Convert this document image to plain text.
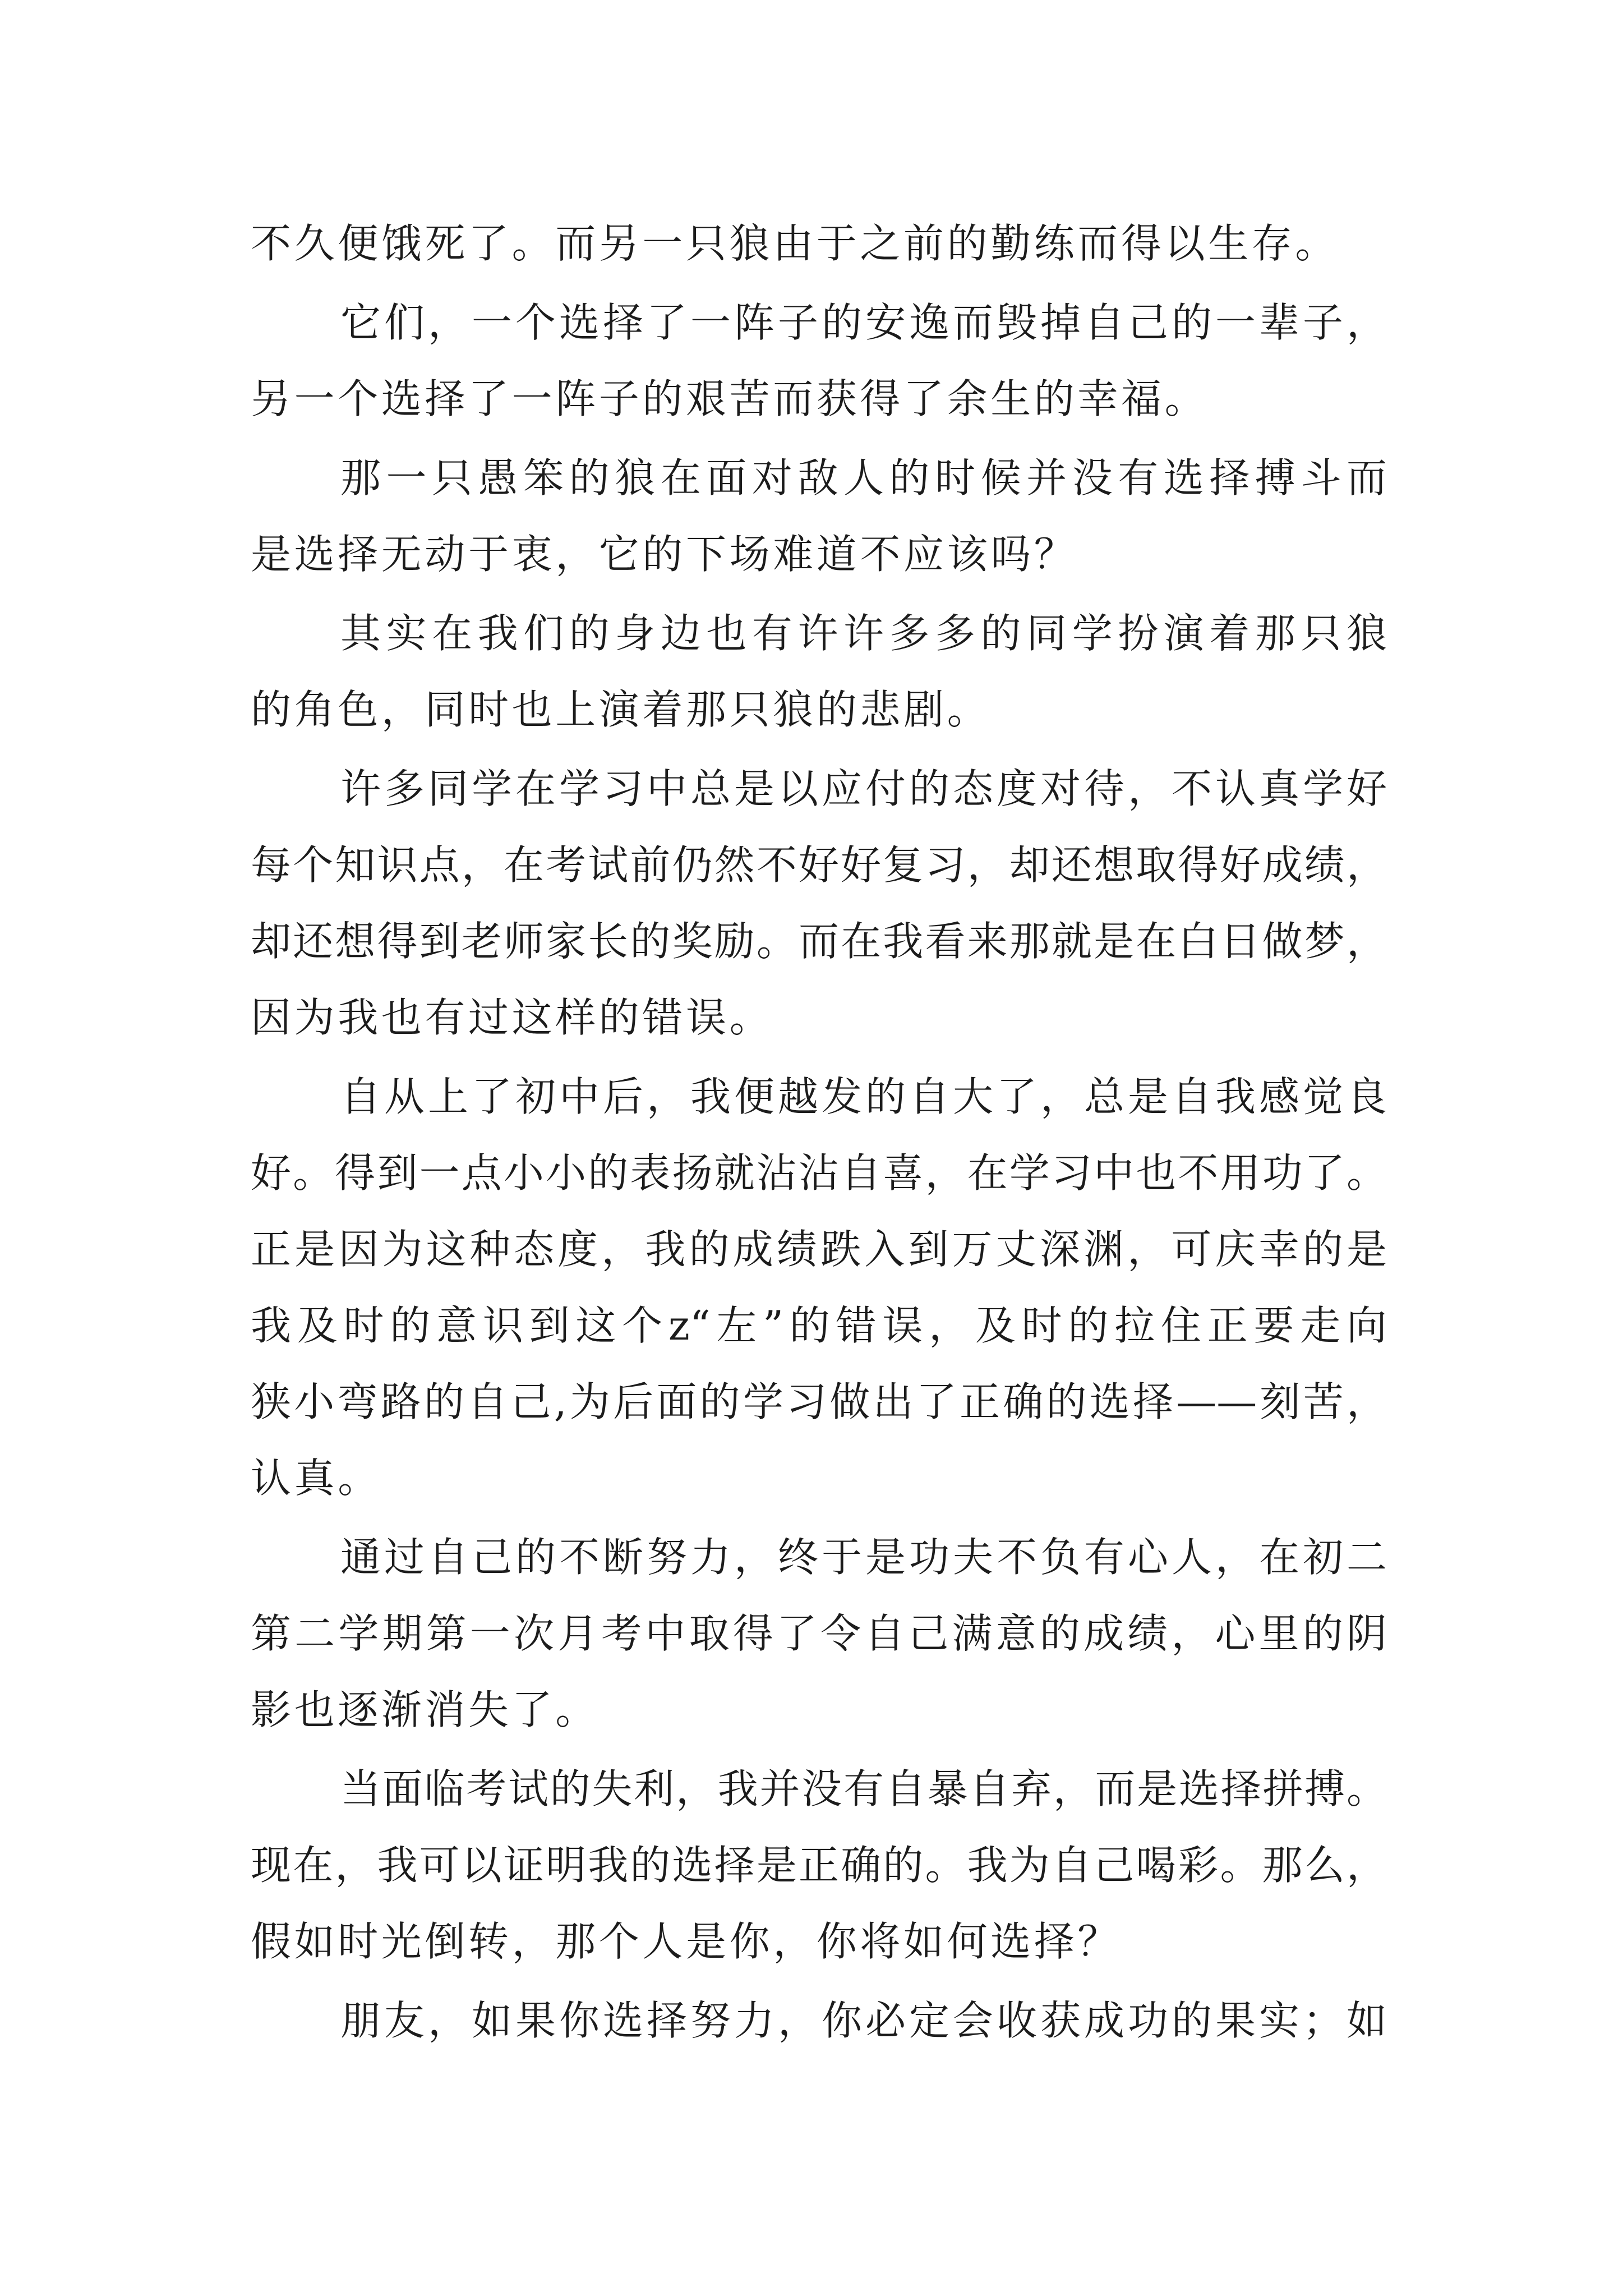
不久便饿死了。而另一只狼由于之前的勤练而得以生存。
它们，一个选择了一阵子的安逸而毁掉自己的一辈子，
另一个选择了一阵子的艰苦而获得了余生的幸福。
那一只愚笨的狼在面对敌人的时候并没有选择搏斗而
是选择无动于衷，它的下场难道不应该吗？
其实在我们的身边也有许许多多的同学扮演着那只狼
的角色，同时也上演着那只狼的悲剧。
许多同学在学习中总是以应付的态度对待，不认真学好
每个知识点，在考试前仍然不好好复习，却还想取得好成绩，
却还想得到老师家长的奖励。而在我看来那就是在白日做梦，
因为我也有过这样的错误。
自从上了初中后，我便越发的自大了，总是自我感觉良
好。得到一点小小的表扬就沾沾自喜，在学习中也不用功了。
正是因为这种态度，我的成绩跌入到万丈深渊，可庆幸的是
我及时的意识到这个z“左”的错误，及时的拉住正要走向
狭小弯路的自己,为后面的学习做出了正确的选择——刻苦，
认真。
通过自己的不断努力，终于是功夫不负有心人，在初二
第二学期第一次月考中取得了令自己满意的成绩，心里的阴
影也逐渐消失了。
当面临考试的失利，我并没有自暴自弃，而是选择拼搏。
现在，我可以证明我的选择是正确的。我为自己喝彩。那么，
假如时光倒转，那个人是你，你将如何选择？
朋友，如果你选择努力，你必定会收获成功的果实；如
